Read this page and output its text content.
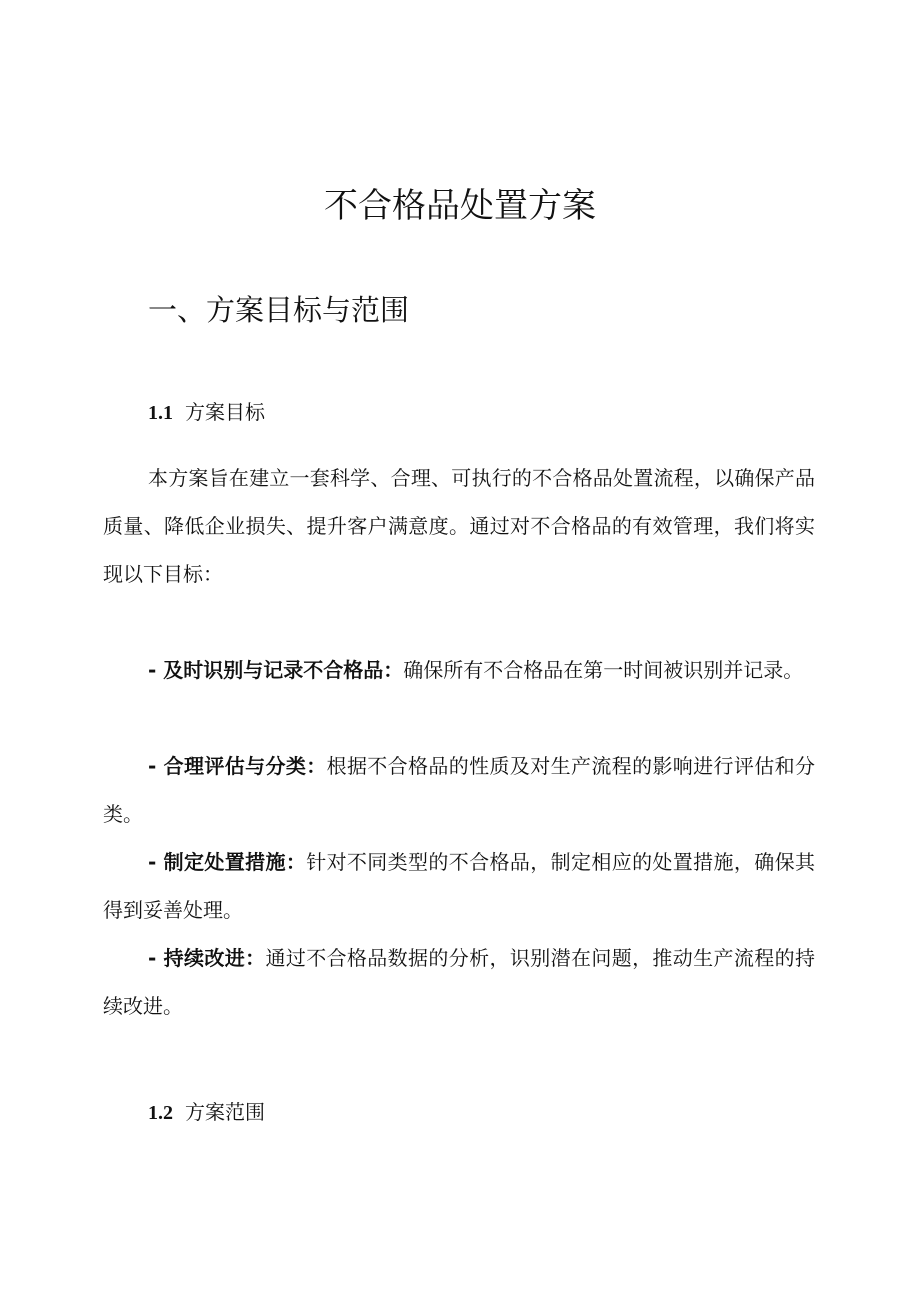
不合格品处置方案
一、方案目标与范围
1.1 方案目标

本方案旨在建立一套科学、合理、可执行的不合格品处置流程，以确保产品质量、降低企业损失、提升客户满意度。通过对不合格品的有效管理，我们将实现以下目标：

- 及时识别与记录不合格品：确保所有不合格品在第一时间被识别并记录。

- 合理评估与分类：根据不合格品的性质及对生产流程的影响进行评估和分类。

- 制定处置措施：针对不同类型的不合格品，制定相应的处置措施，确保其得到妥善处理。

- 持续改进：通过不合格品数据的分析，识别潜在问题，推动生产流程的持续改进。

1.2 方案范围
